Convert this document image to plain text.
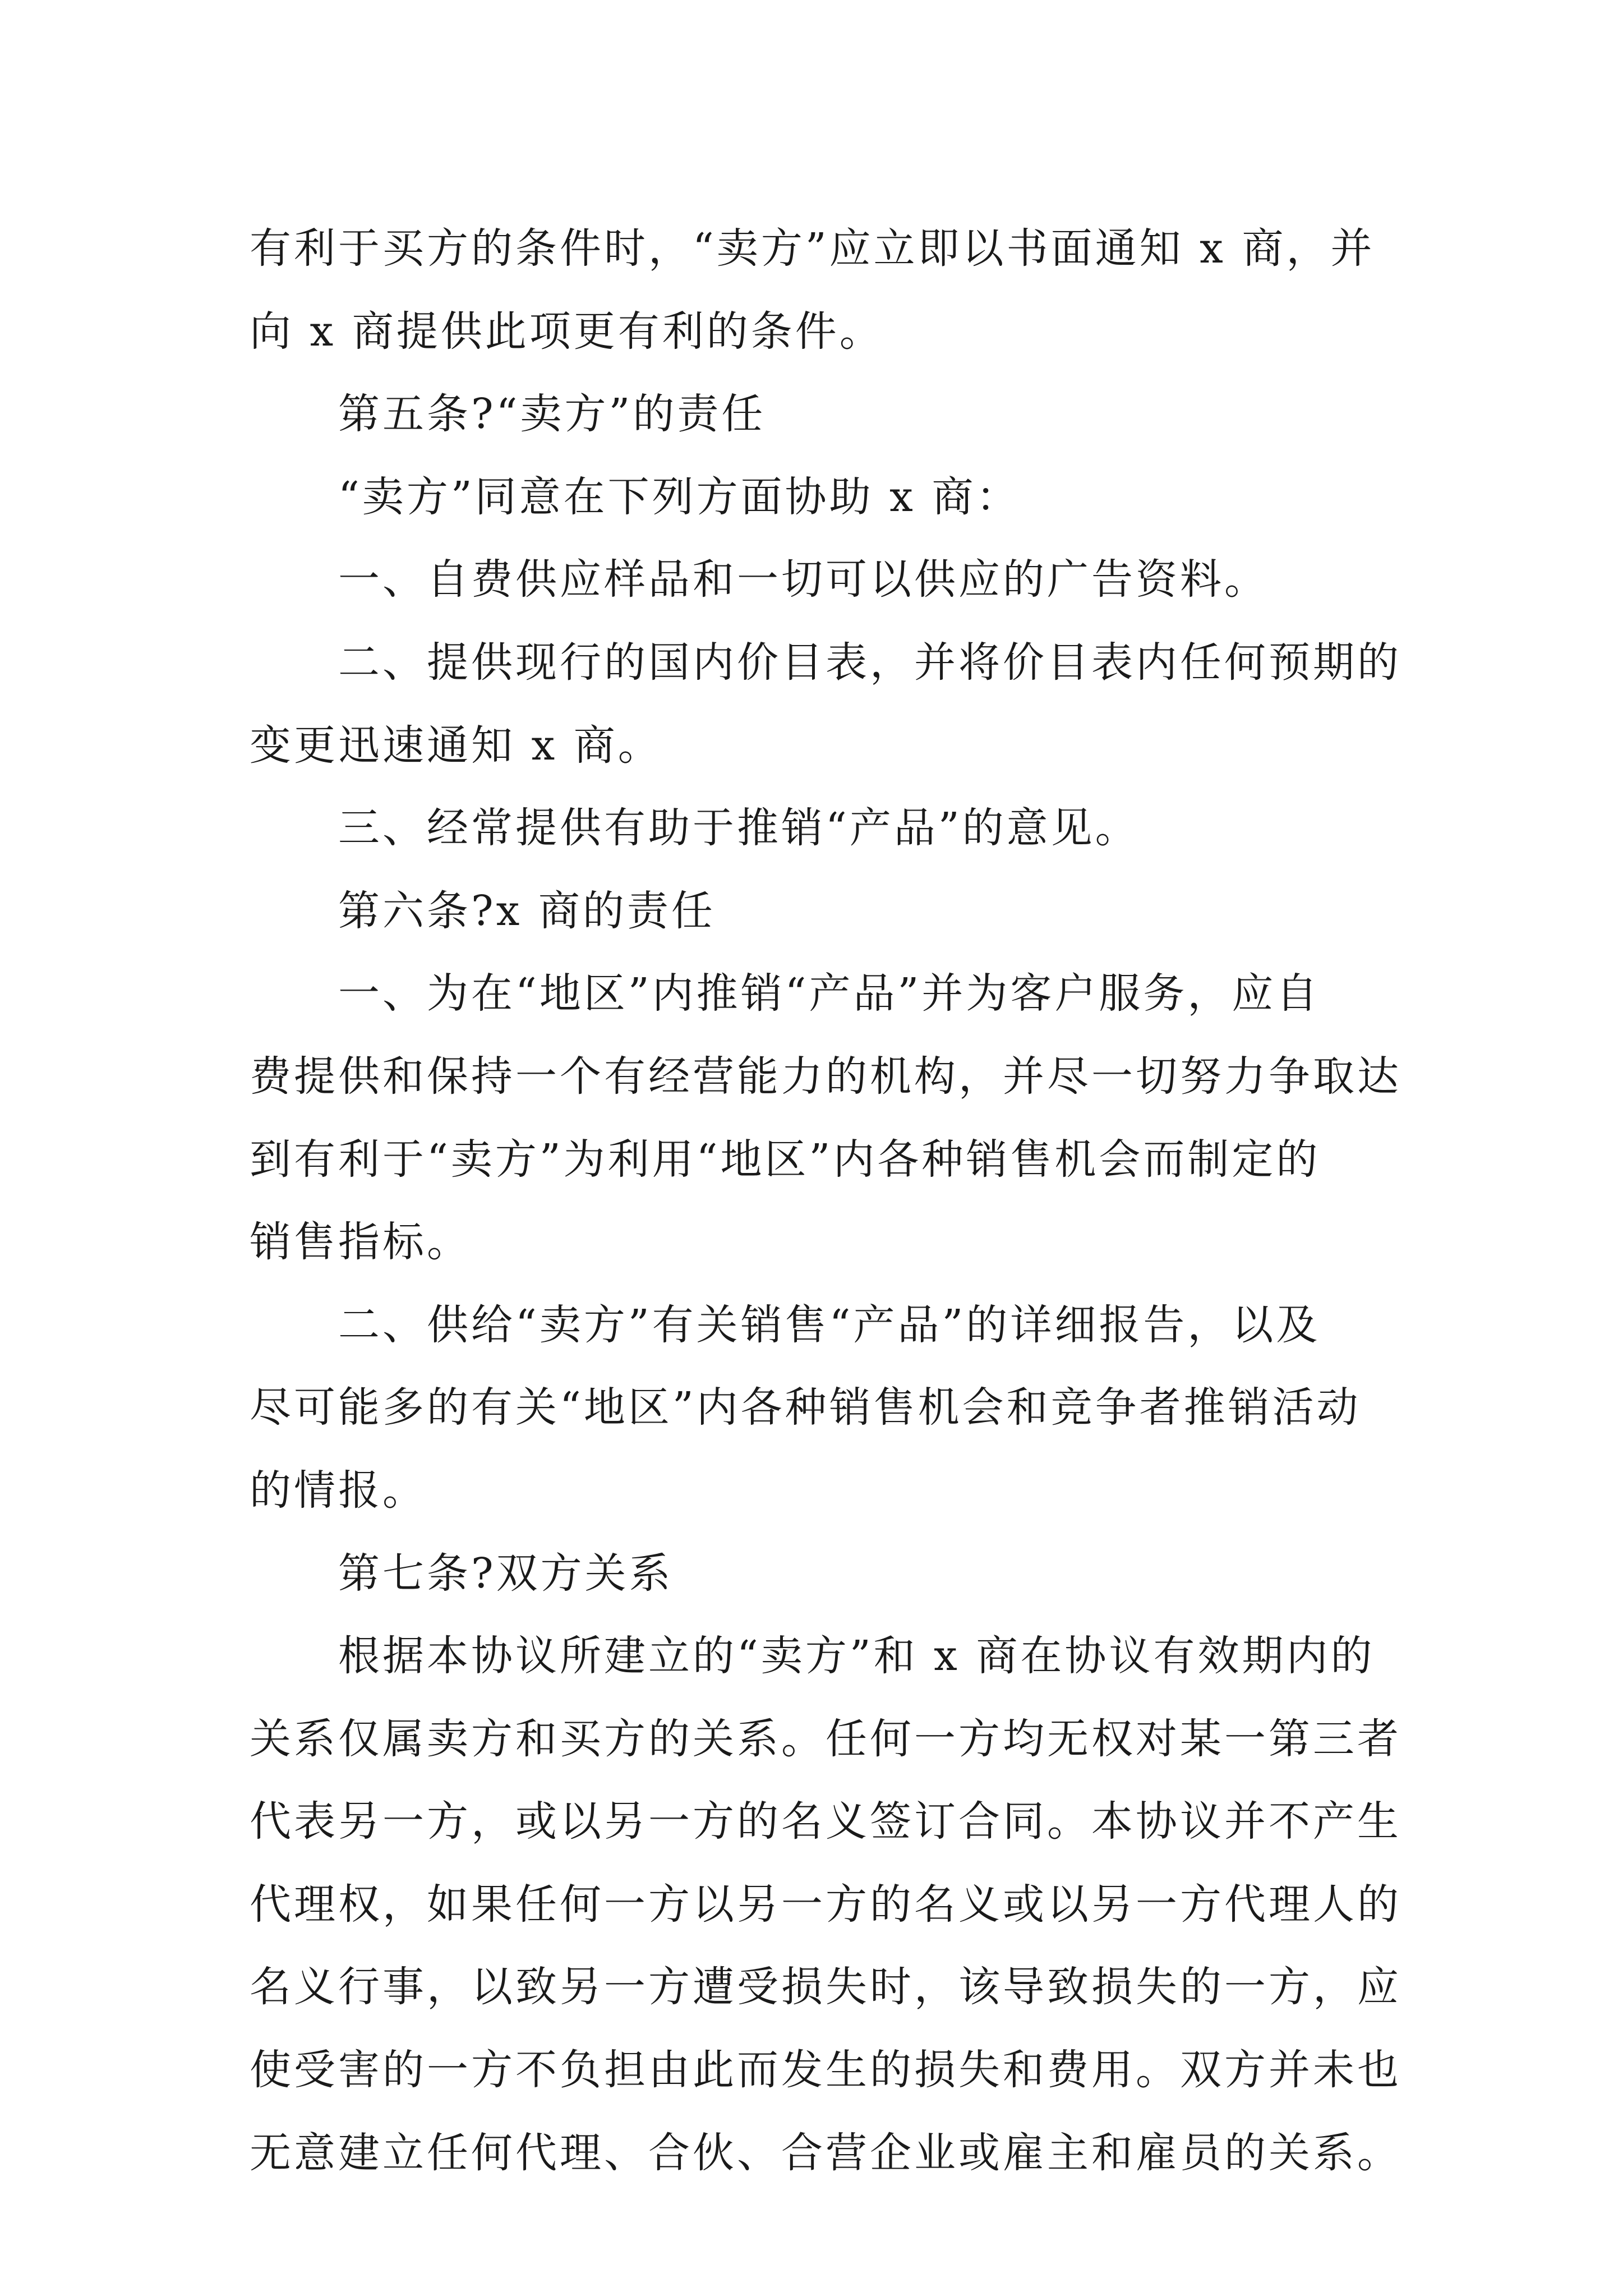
有利于买方的条件时，“卖方”应立即以书面通知 x 商，并
向 x 商提供此项更有利的条件。
第五条?“卖方”的责任
“卖方”同意在下列方面协助 x 商：
一、自费供应样品和一切可以供应的广告资料。
二、提供现行的国内价目表，并将价目表内任何预期的
变更迅速通知 x 商。
三、经常提供有助于推销“产品”的意见。
第六条?x 商的责任
一、为在“地区”内推销“产品”并为客户服务，应自
费提供和保持一个有经营能力的机构，并尽一切努力争取达
到有利于“卖方”为利用“地区”内各种销售机会而制定的
销售指标。
二、供给“卖方”有关销售“产品”的详细报告，以及
尽可能多的有关“地区”内各种销售机会和竞争者推销活动
的情报。
第七条?双方关系
根据本协议所建立的“卖方”和 x 商在协议有效期内的
关系仅属卖方和买方的关系。任何一方均无权对某一第三者
代表另一方，或以另一方的名义签订合同。本协议并不产生
代理权，如果任何一方以另一方的名义或以另一方代理人的
名义行事，以致另一方遭受损失时，该导致损失的一方，应
使受害的一方不负担由此而发生的损失和费用。双方并未也
无意建立任何代理、合伙、合营企业或雇主和雇员的关系。
